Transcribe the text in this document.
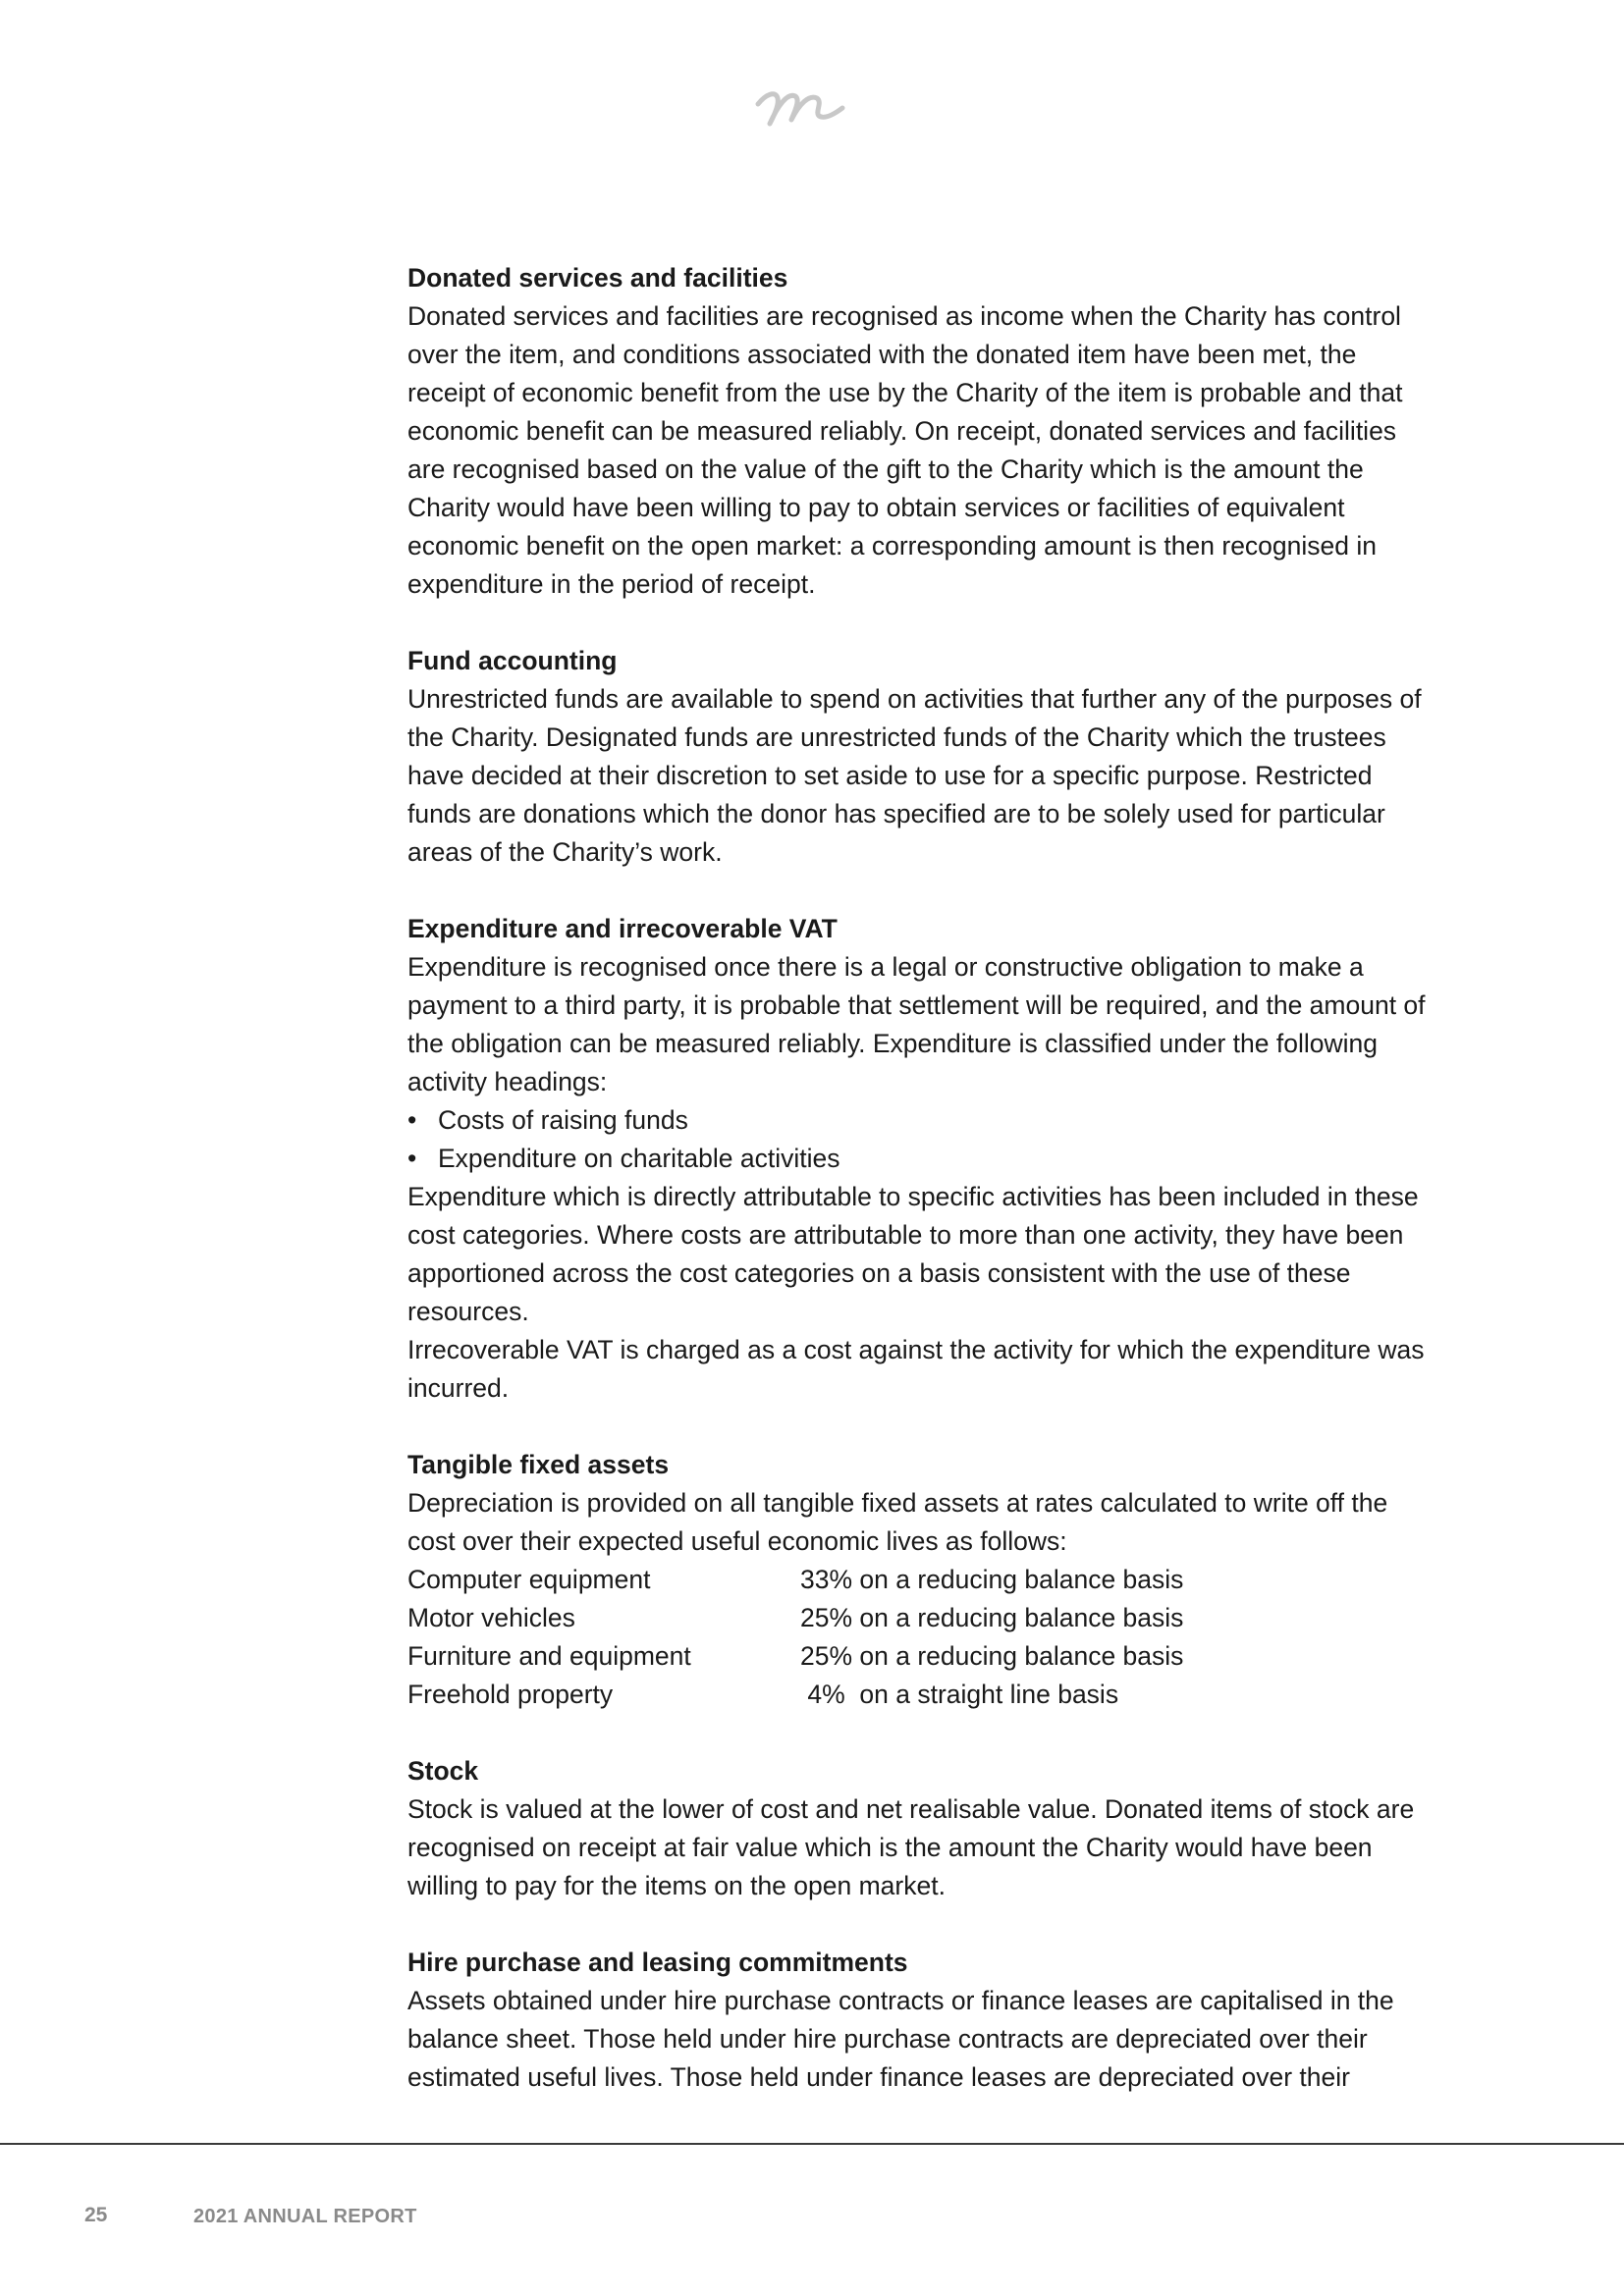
Donated services and facilities

Donated services and facilities are recognised as income when the Charity has control over the item, and conditions associated with the donated item have been met, the receipt of economic benefit from the use by the Charity of the item is probable and that economic benefit can be measured reliably. On receipt, donated services and facilities are recognised based on the value of the gift to the Charity which is the amount the Charity would have been willing to pay to obtain services or facilities of equivalent economic benefit on the open market: a corresponding amount is then recognised in expenditure in the period of receipt.

Fund accounting

Unrestricted funds are available to spend on activities that further any of the purposes of the Charity. Designated funds are unrestricted funds of the Charity which the trustees have decided at their discretion to set aside to use for a specific purpose. Restricted funds are donations which the donor has specified are to be solely used for particular areas of the Charity’s work.

Expenditure and irrecoverable VAT

Expenditure is recognised once there is a legal or constructive obligation to make a payment to a third party, it is probable that settlement will be required, and the amount of the obligation can be measured reliably. Expenditure is classified under the following activity headings:

• Costs of raising funds
• Expenditure on charitable activities

Expenditure which is directly attributable to specific activities has been included in these cost categories. Where costs are attributable to more than one activity, they have been apportioned across the cost categories on a basis consistent with the use of these resources.

Irrecoverable VAT is charged as a cost against the activity for which the expenditure was incurred.

Tangible fixed assets

Depreciation is provided on all tangible fixed assets at rates calculated to write off the cost over their expected useful economic lives as follows:

Computer equipment	33% on a reducing balance basis
Motor vehicles	25% on a reducing balance basis
Furniture and equipment	25% on a reducing balance basis
Freehold property	4%  on a straight line basis

Stock

Stock is valued at the lower of cost and net realisable value. Donated items of stock are recognised on receipt at fair value which is the amount the Charity would have been willing to pay for the items on the open market.

Hire purchase and leasing commitments

Assets obtained under hire purchase contracts or finance leases are capitalised in the balance sheet. Those held under hire purchase contracts are depreciated over their estimated useful lives. Those held under finance leases are depreciated over their

25	2021 ANNUAL REPORT
